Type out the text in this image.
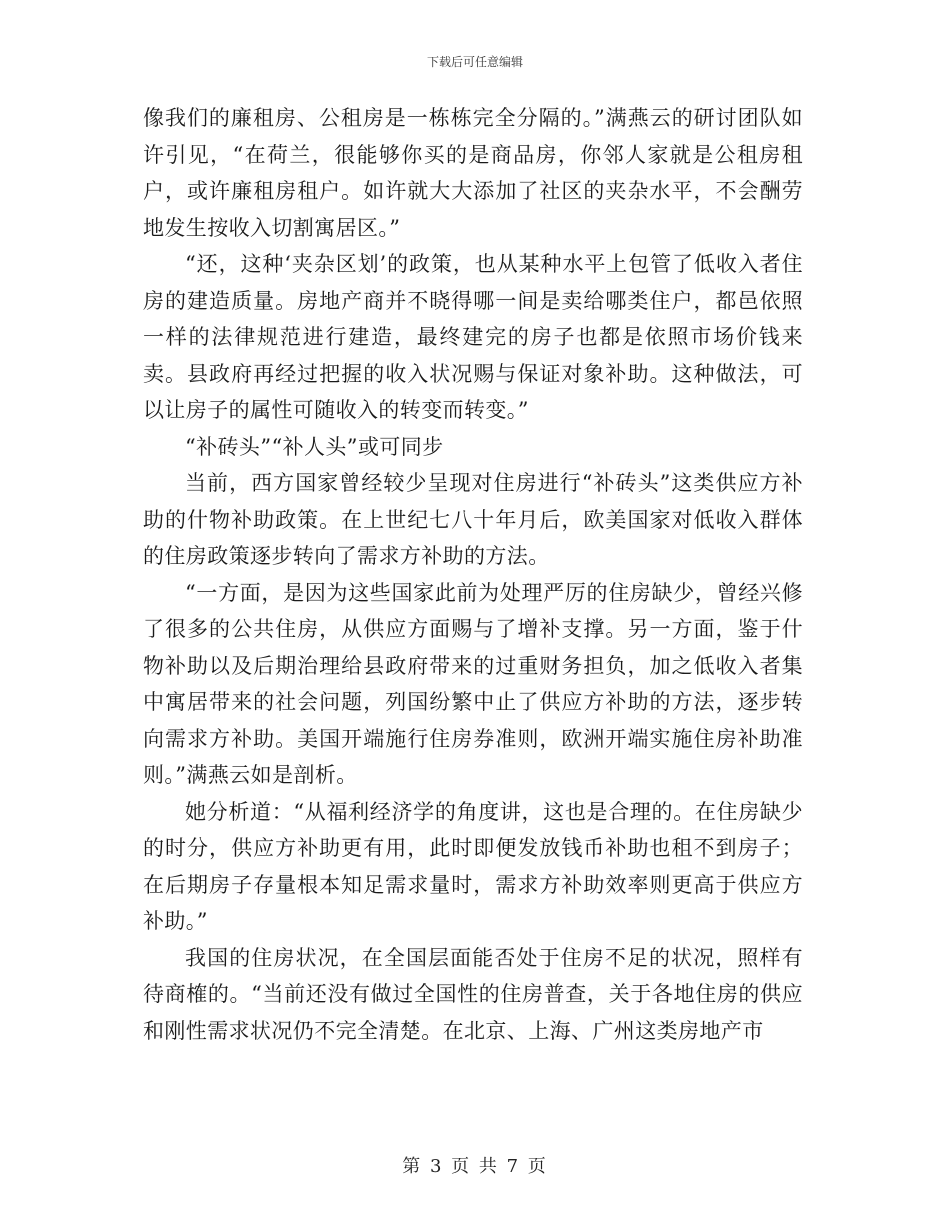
下载后可任意编辑

像我们的廉租房、公租房是一栋栋完全分隔的。”满燕云的研讨团队如许引见，“在荷兰，很能够你买的是商品房，你邻人家就是公租房租户，或许廉租房租户。如许就大大添加了社区的夹杂水平，不会酬劳地发生按收入切割寓居区。”

“还，这种‘夹杂区划’的政策，也从某种水平上包管了低收入者住房的建造质量。房地产商并不晓得哪一间是卖给哪类住户，都邑依照一样的法律规范进行建造，最终建完的房子也都是依照市场价钱来卖。县政府再经过把握的收入状况赐与保证对象补助。这种做法，可以让房子的属性可随收入的转变而转变。”

“补砖头”“补人头”或可同步

当前，西方国家曾经较少呈现对住房进行“补砖头”这类供应方补助的什物补助政策。在上世纪七八十年月后，欧美国家对低收入群体的住房政策逐步转向了需求方补助的方法。

“一方面，是因为这些国家此前为处理严厉的住房缺少，曾经兴修了很多的公共住房，从供应方面赐与了增补支撑。另一方面，鉴于什物补助以及后期治理给县政府带来的过重财务担负，加之低收入者集中寓居带来的社会问题，列国纷繁中止了供应方补助的方法，逐步转向需求方补助。美国开端施行住房券准则，欧洲开端实施住房补助准则。”满燕云如是剖析。

她分析道：“从福利经济学的角度讲，这也是合理的。在住房缺少的时分，供应方补助更有用，此时即便发放钱币补助也租不到房子；在后期房子存量根本知足需求量时，需求方补助效率则更高于供应方补助。”

我国的住房状况，在全国层面能否处于住房不足的状况，照样有待商榷的。“当前还没有做过全国性的住房普查，关于各地住房的供应和刚性需求状况仍不完全清楚。在北京、上海、广州这类房地产市

第 3 页 共 7 页
